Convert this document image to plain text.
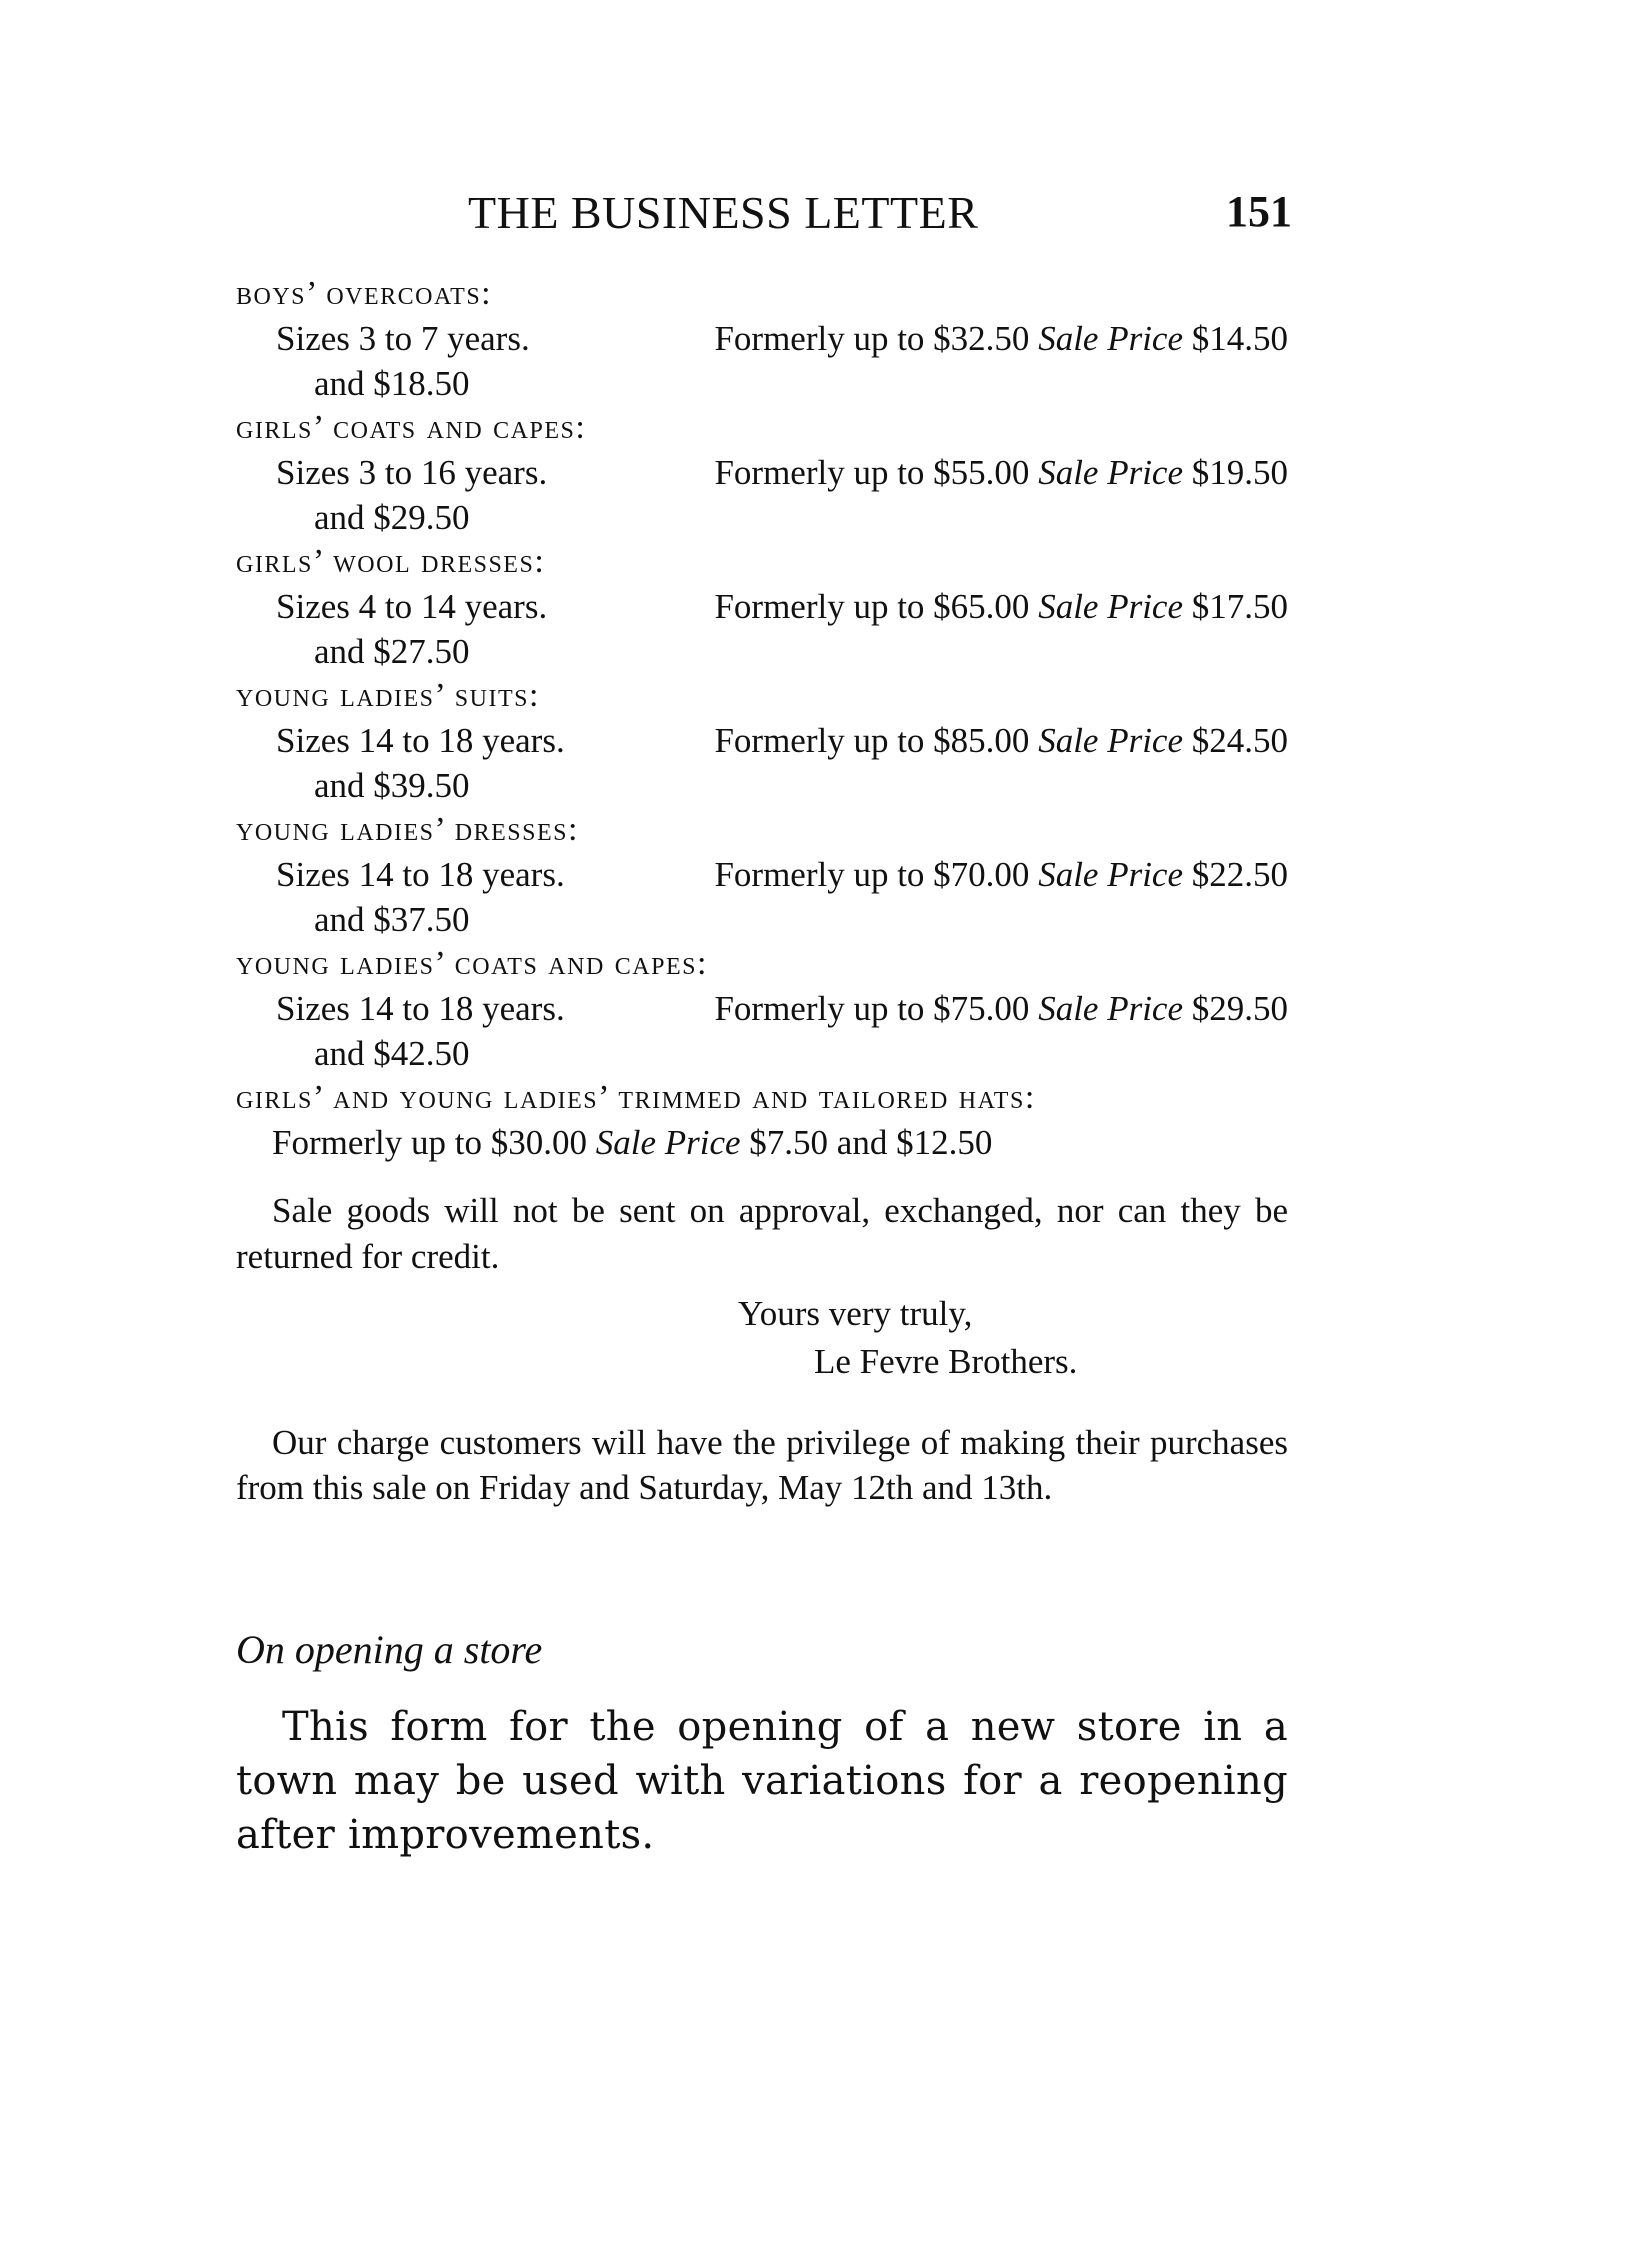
THE BUSINESS LETTER	151
boys’ overcoats:
Sizes 3 to 7 years.	Formerly up to $32.50 Sale Price $14.50
and $18.50
girls’ coats and capes:
Sizes 3 to 16 years.	Formerly up to $55.00 Sale Price $19.50
and $29.50
girls’ wool dresses:
Sizes 4 to 14 years.	Formerly up to $65.00 Sale Price $17.50
and $27.50
young ladies’ suits:
Sizes 14 to 18 years.	Formerly up to $85.00 Sale Price $24.50
and $39.50
young ladies’ dresses:
Sizes 14 to 18 years.	Formerly up to $70.00 Sale Price $22.50
and $37.50
young ladies’ coats and capes:
Sizes 14 to 18 years.	Formerly up to $75.00 Sale Price $29.50
and $42.50
girls’ and young ladies’ trimmed and tailored hats:
Formerly up to $30.00 Sale Price $7.50 and $12.50

Sale goods will not be sent on approval, exchanged, nor can they be returned for credit.

Yours very truly,
Le Fevre Brothers.

Our charge customers will have the privilege of making their purchases from this sale on Friday and Saturday, May 12th and 13th.

On opening a store

This form for the opening of a new store in a town may be used with variations for a reopening after improvements.
